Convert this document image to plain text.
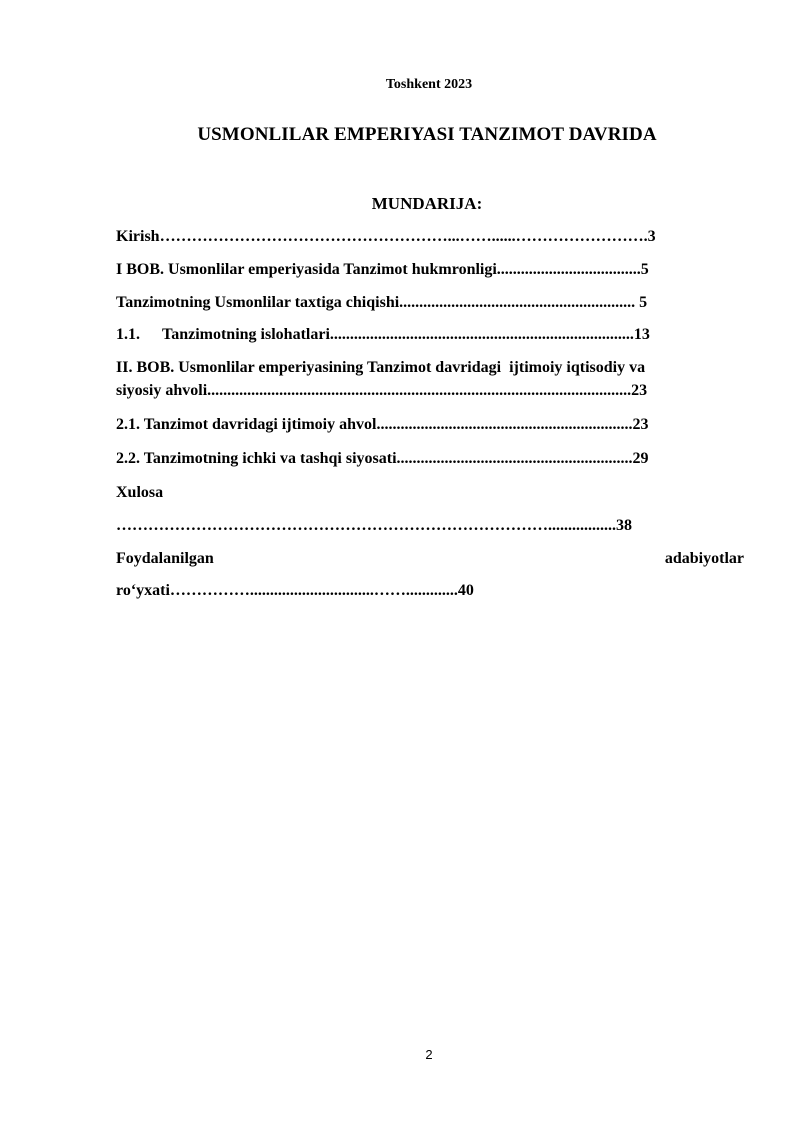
Toshkent 2023
USMONLILAR EMPERIYASI TANZIMOT DAVRIDA
MUNDARIJA:
Kirish………………………………………………...……......…………………….3
I BOB. Usmonlilar emperiyasida Tanzimot hukmronligi....................................5
Tanzimotning Usmonlilar taxtiga chiqishi........................................................... 5
1.1. Tanzimotning islohatlari............................................................................13
II. BOB. Usmonlilar emperiyasining Tanzimot davridagi  ijtimoiy iqtisodiy va
siyosiy ahvoli..........................................................................................................23
2.1. Tanzimot davridagi ijtimoiy ahvol................................................................23
2.2. Tanzimotning ichki va tashqi siyosati...........................................................29
Xulosa
……………………………………………………………………….................38
Foydalanilgan	adabiyotlar
ro‘yxati……………...............................…….............40
2
